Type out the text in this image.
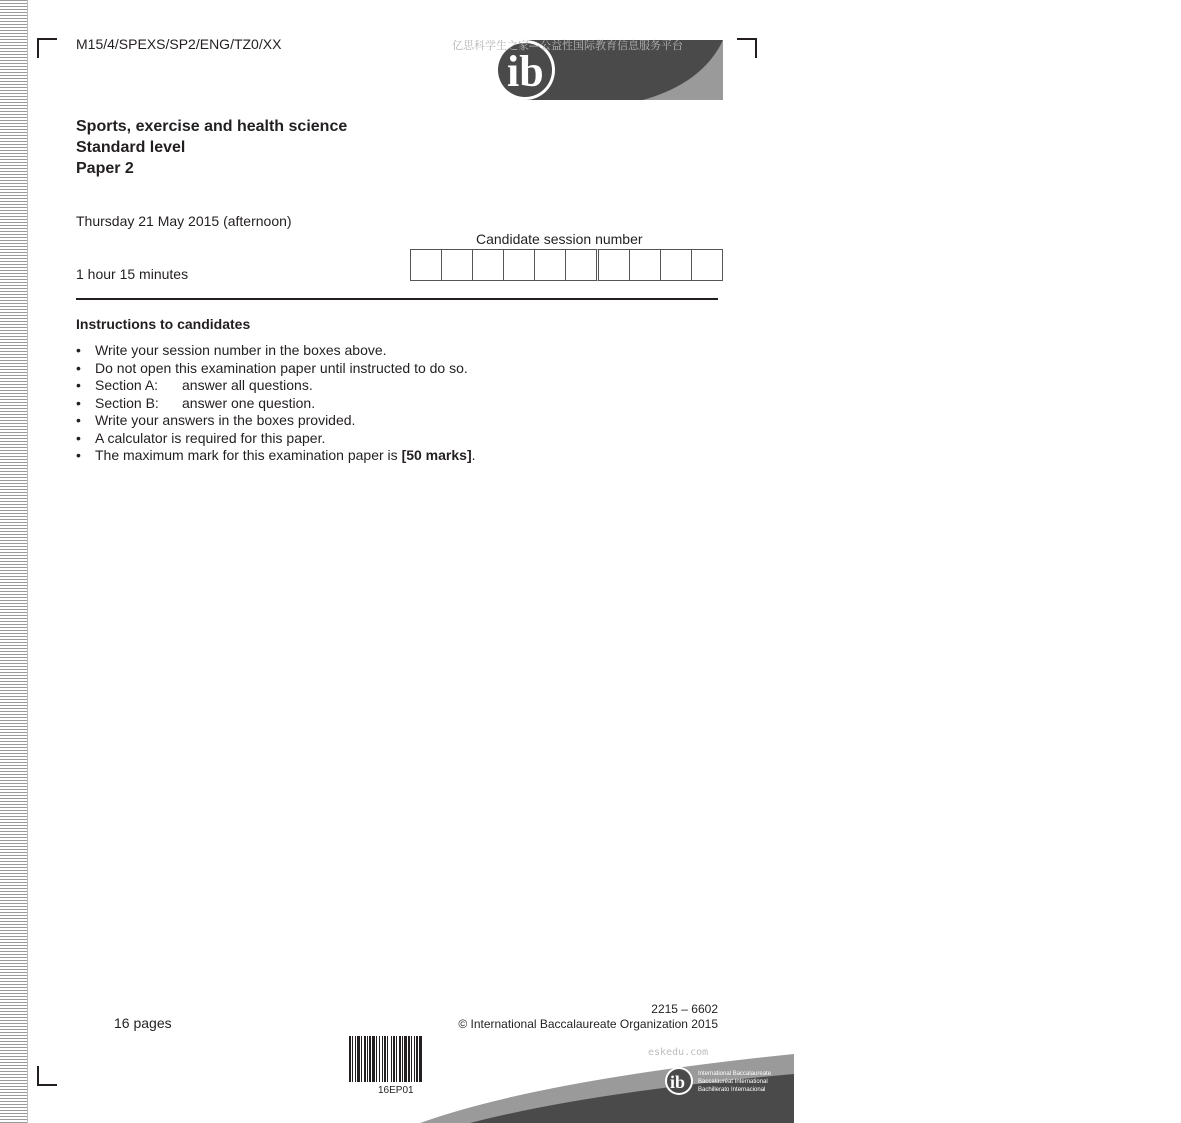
M15/4/SPEXS/SP2/ENG/TZ0/XX
ib	Diploma Programme
Programme du diplôme
Programa del Diploma
亿思科学生之家—公益性国际教育信息服务平台
Sports, exercise and health science
Standard level
Paper 2
Thursday 21 May 2015 (afternoon)
1 hour 15 minutes
Candidate session number
Instructions to candidates
•	Write your session number in the boxes above.
•	Do not open this examination paper until instructed to do so.
•	Section A:	answer all questions.
•	Section B:	answer one question.
•	Write your answers in the boxes provided.
•	A calculator is required for this paper.
•	The maximum mark for this examination paper is [50 marks].
16 pages
2215 – 6602
© International Baccalaureate Organization 2015
16EP01
eskedu.com
ib International Baccalaureate
Baccalauréat International
Bachillerato Internacional
